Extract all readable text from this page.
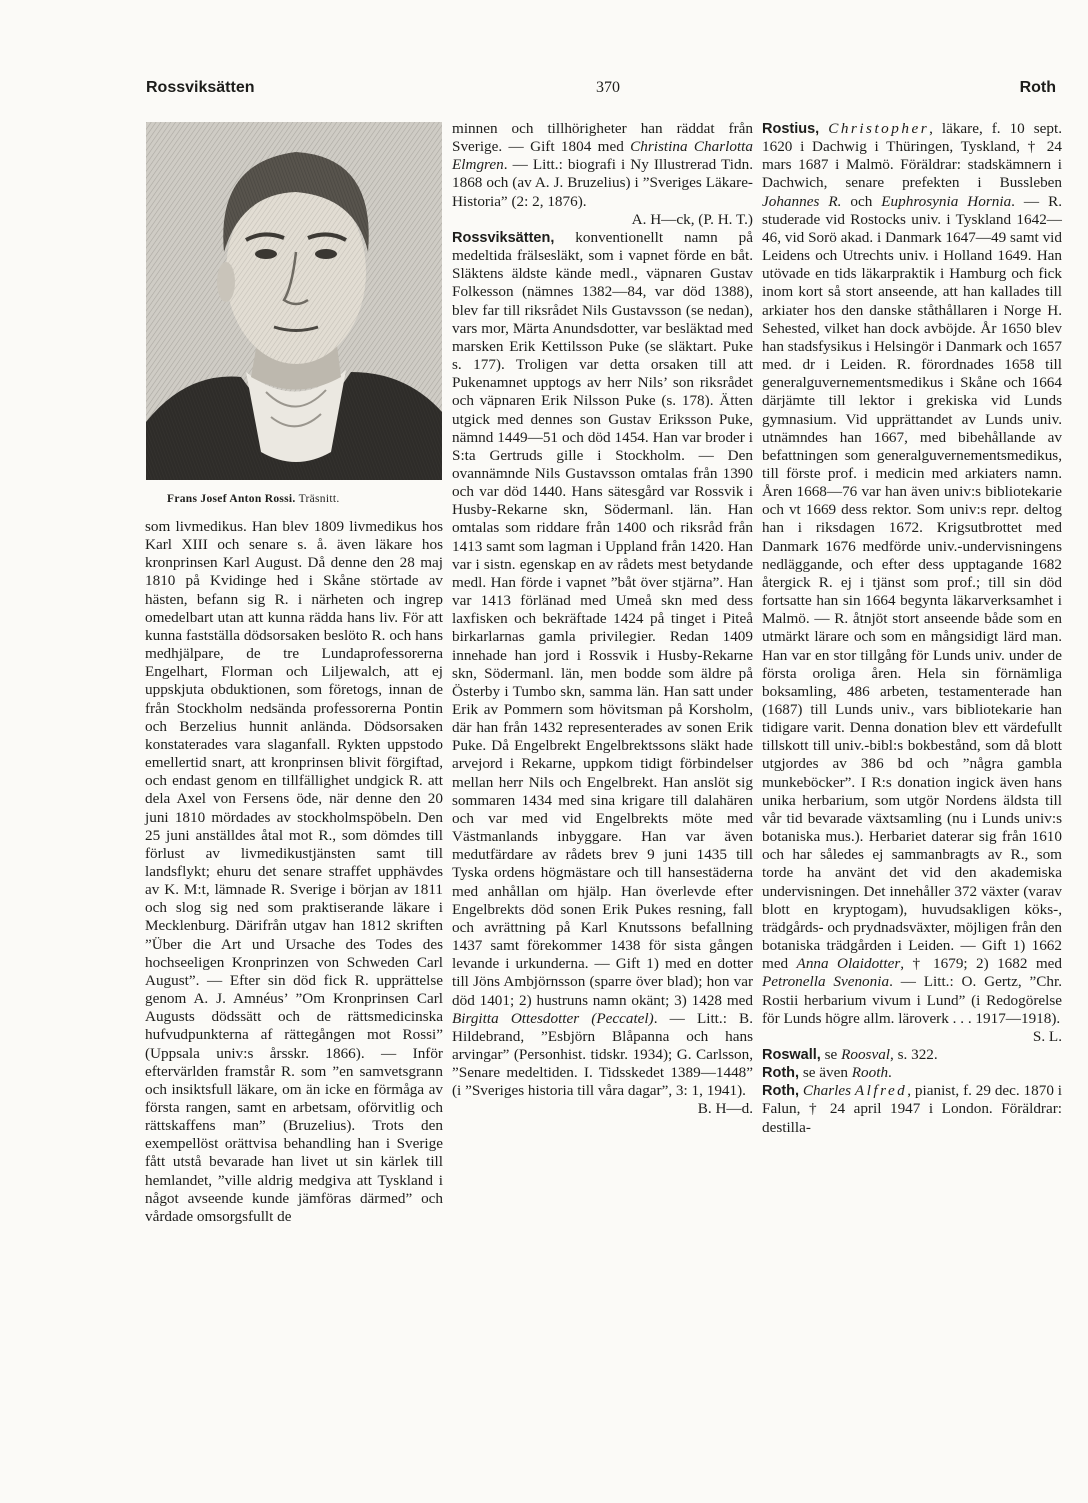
Rossviksätten	370	Roth
Frans Josef Anton Rossi. Träsnitt.

som livmedikus. Han blev 1809 livmedikus hos Karl XIII och senare s. å. även läkare hos kronprinsen Karl August. Då denne den 28 maj 1810 på Kvidinge hed i Skåne störtade av hästen, befann sig R. i närheten och ingrep omedelbart utan att kunna rädda hans liv. För att kunna fastställa dödsorsaken beslöto R. och hans medhjälpare, de tre Lundaprofessorerna Engelhart, Florman och Liljewalch, att ej uppskjuta obduktionen, som företogs, innan de från Stockholm nedsända professorerna Pontin och Berzelius hunnit anlända. Dödsorsaken konstaterades vara slaganfall. Rykten uppstodo emellertid snart, att kronprinsen blivit förgiftad, och endast genom en tillfällighet undgick R. att dela Axel von Fersens öde, när denne den 20 juni 1810 mördades av stockholmspöbeln. Den 25 juni anställdes åtal mot R., som dömdes till förlust av livmedikustjänsten samt till landsflykt; ehuru det senare straffet upphävdes av K. M:t, lämnade R. Sverige i början av 1811 och slog sig ned som praktiserande läkare i Mecklenburg. Därifrån utgav han 1812 skriften ”Über die Art und Ursache des Todes des hochseeligen Kronprinzen von Schweden Carl August”. — Efter sin död fick R. upprättelse genom A. J. Amnéus’ ”Om Kronprinsen Carl Augusts dödssätt och de rättsmedicinska hufvudpunkterna af rättegången mot Rossi” (Uppsala univ:s årsskr. 1866). — Inför eftervärlden framstår R. som ”en samvetsgrann och insiktsfull läkare, om än icke en förmåga av första rangen, samt en arbetsam, oförvitlig och rättskaffens man” (Bruzelius). Trots den exempellöst orättvisa behandling han i Sverige fått utstå bevarade han livet ut sin kärlek till hemlandet, ”ville aldrig medgiva att Tyskland i något avseende kunde jämföras därmed” och vårdade omsorgsfullt de

minnen och tillhörigheter han räddat från Sverige. — Gift 1804 med Christina Charlotta Elmgren. — Litt.: biografi i Ny Illustrerad Tidn. 1868 och (av A. J. Bruzelius) i ”Sveriges Läkare-Historia” (2: 2, 1876).

A. H—ck, (P. H. T.)

Rossviksätten, konventionellt namn på medeltida frälsesläkt, som i vapnet förde en båt. Släktens äldste kände medl., väpnaren Gustav Folkesson (nämnes 1382—84, var död 1388), blev far till riksrådet Nils Gustavsson (se nedan), vars mor, Märta Anundsdotter, var besläktad med marsken Erik Kettilsson Puke (se släktart. Puke s. 177). Troligen var detta orsaken till att Pukenamnet upptogs av herr Nils’ son riksrådet och väpnaren Erik Nilsson Puke (s. 178). Ätten utgick med dennes son Gustav Eriksson Puke, nämnd 1449—51 och död 1454. Han var broder i S:ta Gertruds gille i Stockholm. — Den ovannämnde Nils Gustavsson omtalas från 1390 och var död 1440. Hans sätesgård var Rossvik i Husby-Rekarne skn, Södermanl. län. Han omtalas som riddare från 1400 och riksråd från 1413 samt som lagman i Uppland från 1420. Han var i sistn. egenskap en av rådets mest betydande medl. Han förde i vapnet ”båt över stjärna”. Han var 1413 förlänad med Umeå skn med dess laxfisken och bekräftade 1424 på tinget i Piteå birkarlarnas gamla privilegier. Redan 1409 innehade han jord i Rossvik i Husby-Rekarne skn, Södermanl. län, men bodde som äldre på Österby i Tumbo skn, samma län. Han satt under Erik av Pommern som hövitsman på Korsholm, där han från 1432 representerades av sonen Erik Puke. Då Engelbrekt Engelbrektssons släkt hade arvejord i Rekarne, uppkom tidigt förbindelser mellan herr Nils och Engelbrekt. Han anslöt sig sommaren 1434 med sina krigare till dalahären och var med vid Engelbrekts möte med Västmanlands inbyggare. Han var även medutfärdare av rådets brev 9 juni 1435 till Tyska ordens högmästare och till hansestäderna med anhållan om hjälp. Han överlevde efter Engelbrekts död sonen Erik Pukes resning, fall och avrättning på Karl Knutssons befallning 1437 samt förekommer 1438 för sista gången levande i urkunderna. — Gift 1) med en dotter till Jöns Ambjörnsson (sparre över blad); hon var död 1401; 2) hustruns namn okänt; 3) 1428 med Birgitta Ottesdotter (Peccatel). — Litt.: B. Hildebrand, ”Esbjörn Blåpanna och hans arvingar” (Personhist. tidskr. 1934); G. Carlsson, ”Senare medeltiden. I. Tidsskedet 1389—1448” (i ”Sveriges historia till våra dagar”, 3: 1, 1941).

B. H—d.

Rostius, Christopher, läkare, f. 10 sept. 1620 i Dachwig i Thüringen, Tyskland, † 24 mars 1687 i Malmö. Föräldrar: stadskämnern i Dachwich, senare prefekten i Bussleben Johannes R. och Euphrosynia Hornia. — R. studerade vid Rostocks univ. i Tyskland 1642—46, vid Sorö akad. i Danmark 1647—49 samt vid Leidens och Utrechts univ. i Holland 1649. Han utövade en tids läkarpraktik i Hamburg och fick inom kort så stort anseende, att han kallades till arkiater hos den danske ståthållaren i Norge H. Sehested, vilket han dock avböjde. År 1650 blev han stadsfysikus i Helsingör i Danmark och 1657 med. dr i Leiden. R. förordnades 1658 till generalguvernementsmedikus i Skåne och 1664 därjämte till lektor i grekiska vid Lunds gymnasium. Vid upprättandet av Lunds univ. utnämndes han 1667, med bibehållande av befattningen som generalguvernementsmedikus, till förste prof. i medicin med arkiaters namn. Åren 1668—76 var han även univ:s bibliotekarie och vt 1669 dess rektor. Som univ:s repr. deltog han i riksdagen 1672. Krigsutbrottet med Danmark 1676 medförde univ.-undervisningens nedläggande, och efter dess upptagande 1682 återgick R. ej i tjänst som prof.; till sin död fortsatte han sin 1664 begynta läkarverksamhet i Malmö. — R. åtnjöt stort anseende både som en utmärkt lärare och som en mångsidigt lärd man. Han var en stor tillgång för Lunds univ. under de första oroliga åren. Hela sin förnämliga boksamling, 486 arbeten, testamenterade han (1687) till Lunds univ., vars bibliotekarie han tidigare varit. Denna donation blev ett värdefullt tillskott till univ.-bibl:s bokbestånd, som då blott utgjordes av 386 bd och ”några gambla munkeböcker”. I R:s donation ingick även hans unika herbarium, som utgör Nordens äldsta till vår tid bevarade växtsamling (nu i Lunds univ:s botaniska mus.). Herbariet daterar sig från 1610 och har således ej sammanbragts av R., som torde ha använt det vid den akademiska undervisningen. Det innehåller 372 växter (varav blott en kryptogam), huvudsakligen köks-, trädgårds- och prydnadsväxter, möjligen från den botaniska trädgården i Leiden. — Gift 1) 1662 med Anna Olaidotter, † 1679; 2) 1682 med Petronella Svenonia. — Litt.: O. Gertz, ”Chr. Rostii herbarium vivum i Lund” (i Redogörelse för Lunds högre allm. läroverk . . . 1917—1918).

S. L.

Roswall, se Roosval, s. 322.

Roth, se även Rooth.

Roth, Charles Alfred, pianist, f. 29 dec. 1870 i Falun, † 24 april 1947 i London. Föräldrar: destilla-
